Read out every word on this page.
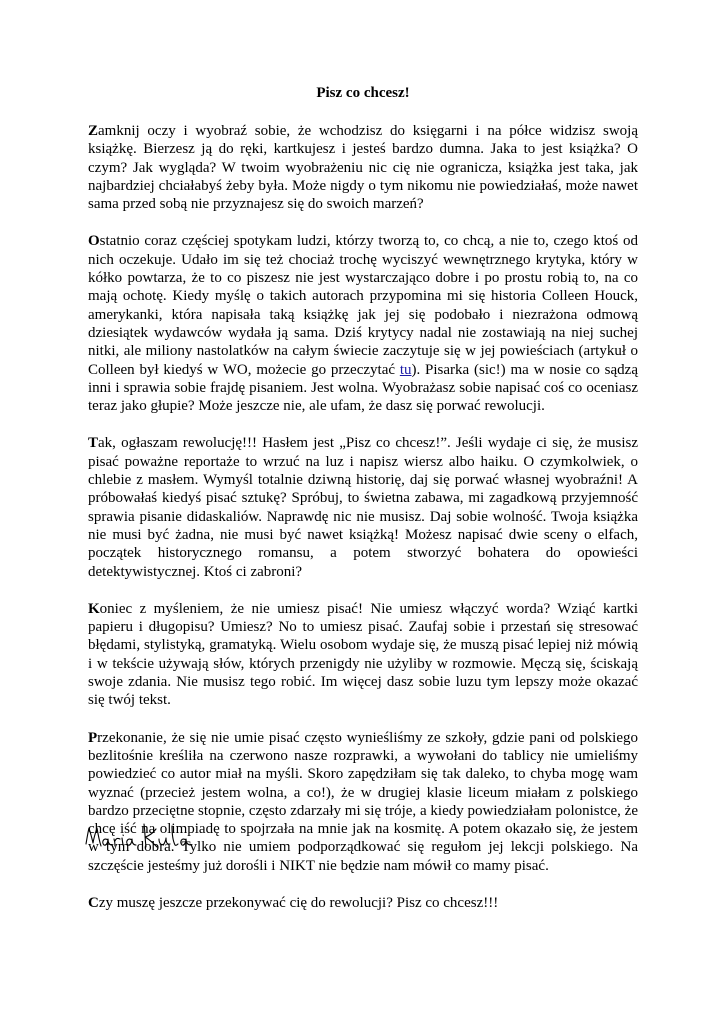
Pisz co chcesz!

Zamknij oczy i wyobraź sobie, że wchodzisz do księgarni i na półce widzisz swoją książkę. Bierzesz ją do ręki, kartkujesz i jesteś bardzo dumna. Jaka to jest książka? O czym? Jak wygląda? W twoim wyobrażeniu nic cię nie ogranicza, książka jest taka, jak najbardziej chciałabyś żeby była. Może nigdy o tym nikomu nie powiedziałaś, może nawet sama przed sobą nie przyznajesz się do swoich marzeń?

Ostatnio coraz częściej spotykam ludzi, którzy tworzą to, co chcą, a nie to, czego ktoś od nich oczekuje. Udało im się też chociaż trochę wyciszyć wewnętrznego krytyka, który w kółko powtarza, że to co piszesz nie jest wystarczająco dobre i po prostu robią to, na co mają ochotę. Kiedy myślę o takich autorach przypomina mi się historia Colleen Houck, amerykanki, która napisała taką książkę jak jej się podobało i niezrażona odmową dziesiątek wydawców wydała ją sama. Dziś krytycy nadal nie zostawiają na niej suchej nitki, ale miliony nastolatków na całym świecie zaczytuje się w jej powieściach (artykuł o Colleen był kiedyś w WO, możecie go przeczytać tu). Pisarka (sic!) ma w nosie co sądzą inni i sprawia sobie frajdę pisaniem. Jest wolna. Wyobrażasz sobie napisać coś co oceniasz teraz jako głupie? Może jeszcze nie, ale ufam, że dasz się porwać rewolucji.

Tak, ogłaszam rewolucję!!! Hasłem jest „Pisz co chcesz!”. Jeśli wydaje ci się, że musisz pisać poważne reportaże to wrzuć na luz i napisz wiersz albo haiku. O czymkolwiek, o chlebie z masłem. Wymyśl totalnie dziwną historię, daj się porwać własnej wyobraźni! A próbowałaś kiedyś pisać sztukę? Spróbuj, to świetna zabawa, mi zagadkową przyjemność sprawia pisanie didaskaliów. Naprawdę nic nie musisz. Daj sobie wolność. Twoja książka nie musi być żadna, nie musi być nawet książką! Możesz napisać dwie sceny o elfach, początek historycznego romansu, a potem stworzyć bohatera do opowieści detektywistycznej. Ktoś ci zabroni?

Koniec z myśleniem, że nie umiesz pisać! Nie umiesz włączyć worda? Wziąć kartki papieru i długopisu? Umiesz? No to umiesz pisać. Zaufaj sobie i przestań się stresować błędami, stylistyką, gramatyką. Wielu osobom wydaje się, że muszą pisać lepiej niż mówią i w tekście używają słów, których przenigdy nie użyliby w rozmowie. Męczą się, ściskają swoje zdania. Nie musisz tego robić. Im więcej dasz sobie luzu tym lepszy może okazać się twój tekst.

Przekonanie, że się nie umie pisać często wynieśliśmy ze szkoły, gdzie pani od polskiego bezlitośnie kreśliła na czerwono nasze rozprawki, a wywołani do tablicy nie umieliśmy powiedzieć co autor miał na myśli. Skoro zapędziłam się tak daleko, to chyba mogę wam wyznać (przecież jestem wolna, a co!), że w drugiej klasie liceum miałam z polskiego bardzo przeciętne stopnie, często zdarzały mi się tróje, a kiedy powiedziałam polonistce, że chcę iść na olimpiadę to spojrzała na mnie jak na kosmitę. A potem okazało się, że jestem w tym dobra. Tylko nie umiem podporządkować się regułom jej lekcji polskiego. Na szczęście jesteśmy już dorośli i NIKT nie będzie nam mówił co mamy pisać.

Czy muszę jeszcze przekonywać cię do rewolucji? Pisz co chcesz!!!
